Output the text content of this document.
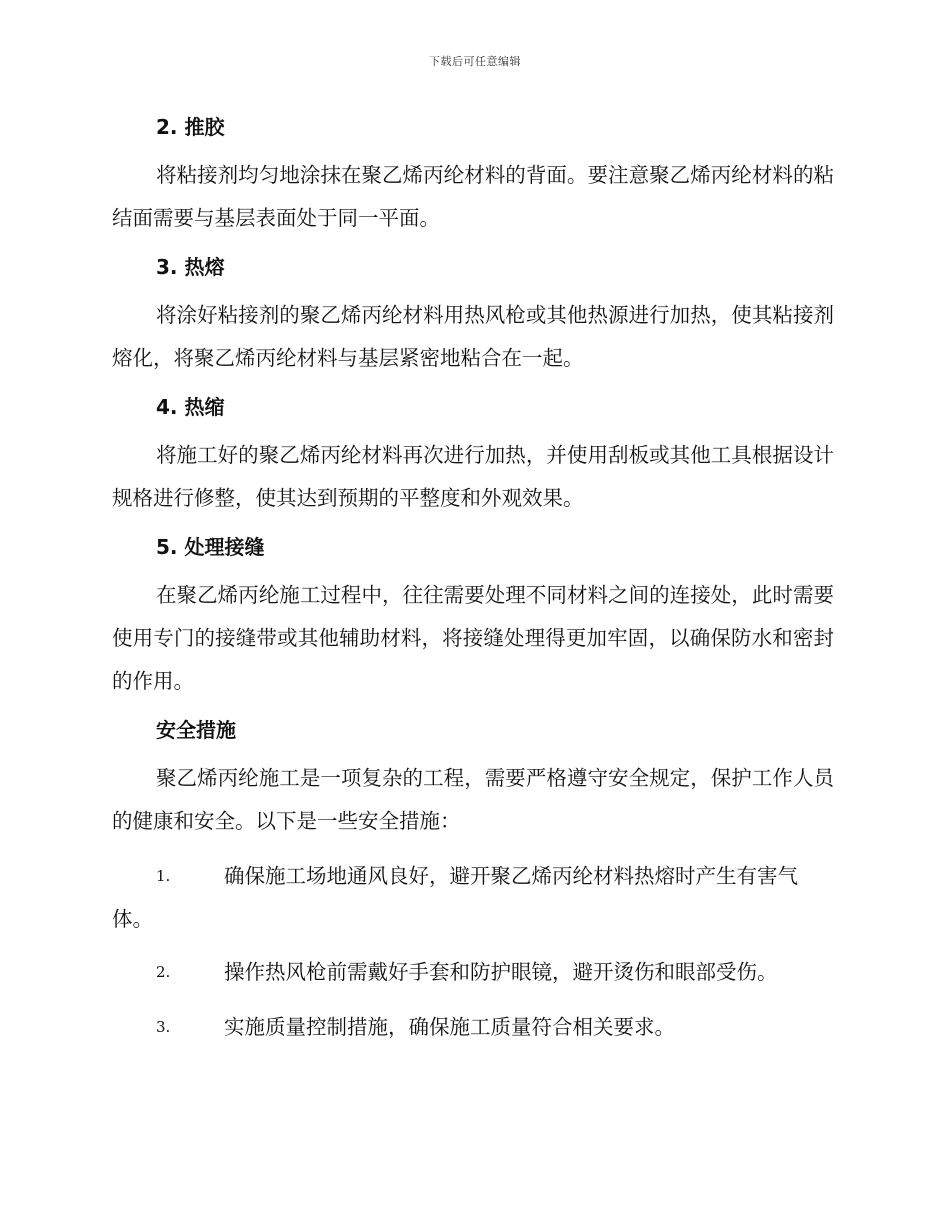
下载后可任意编辑

2. 推胶

将粘接剂均匀地涂抹在聚乙烯丙纶材料的背面。要注意聚乙烯丙纶材料的粘结面需要与基层表面处于同一平面。

3. 热熔

将涂好粘接剂的聚乙烯丙纶材料用热风枪或其他热源进行加热，使其粘接剂熔化，将聚乙烯丙纶材料与基层紧密地粘合在一起。

4. 热缩

将施工好的聚乙烯丙纶材料再次进行加热，并使用刮板或其他工具根据设计规格进行修整，使其达到预期的平整度和外观效果。

5. 处理接缝

在聚乙烯丙纶施工过程中，往往需要处理不同材料之间的连接处，此时需要使用专门的接缝带或其他辅助材料，将接缝处理得更加牢固，以确保防水和密封的作用。

安全措施

聚乙烯丙纶施工是一项复杂的工程，需要严格遵守安全规定，保护工作人员的健康和安全。以下是一些安全措施：

1.	确保施工场地通风良好，避开聚乙烯丙纶材料热熔时产生有害气体。

2.	操作热风枪前需戴好手套和防护眼镜，避开烫伤和眼部受伤。

3.	实施质量控制措施，确保施工质量符合相关要求。
